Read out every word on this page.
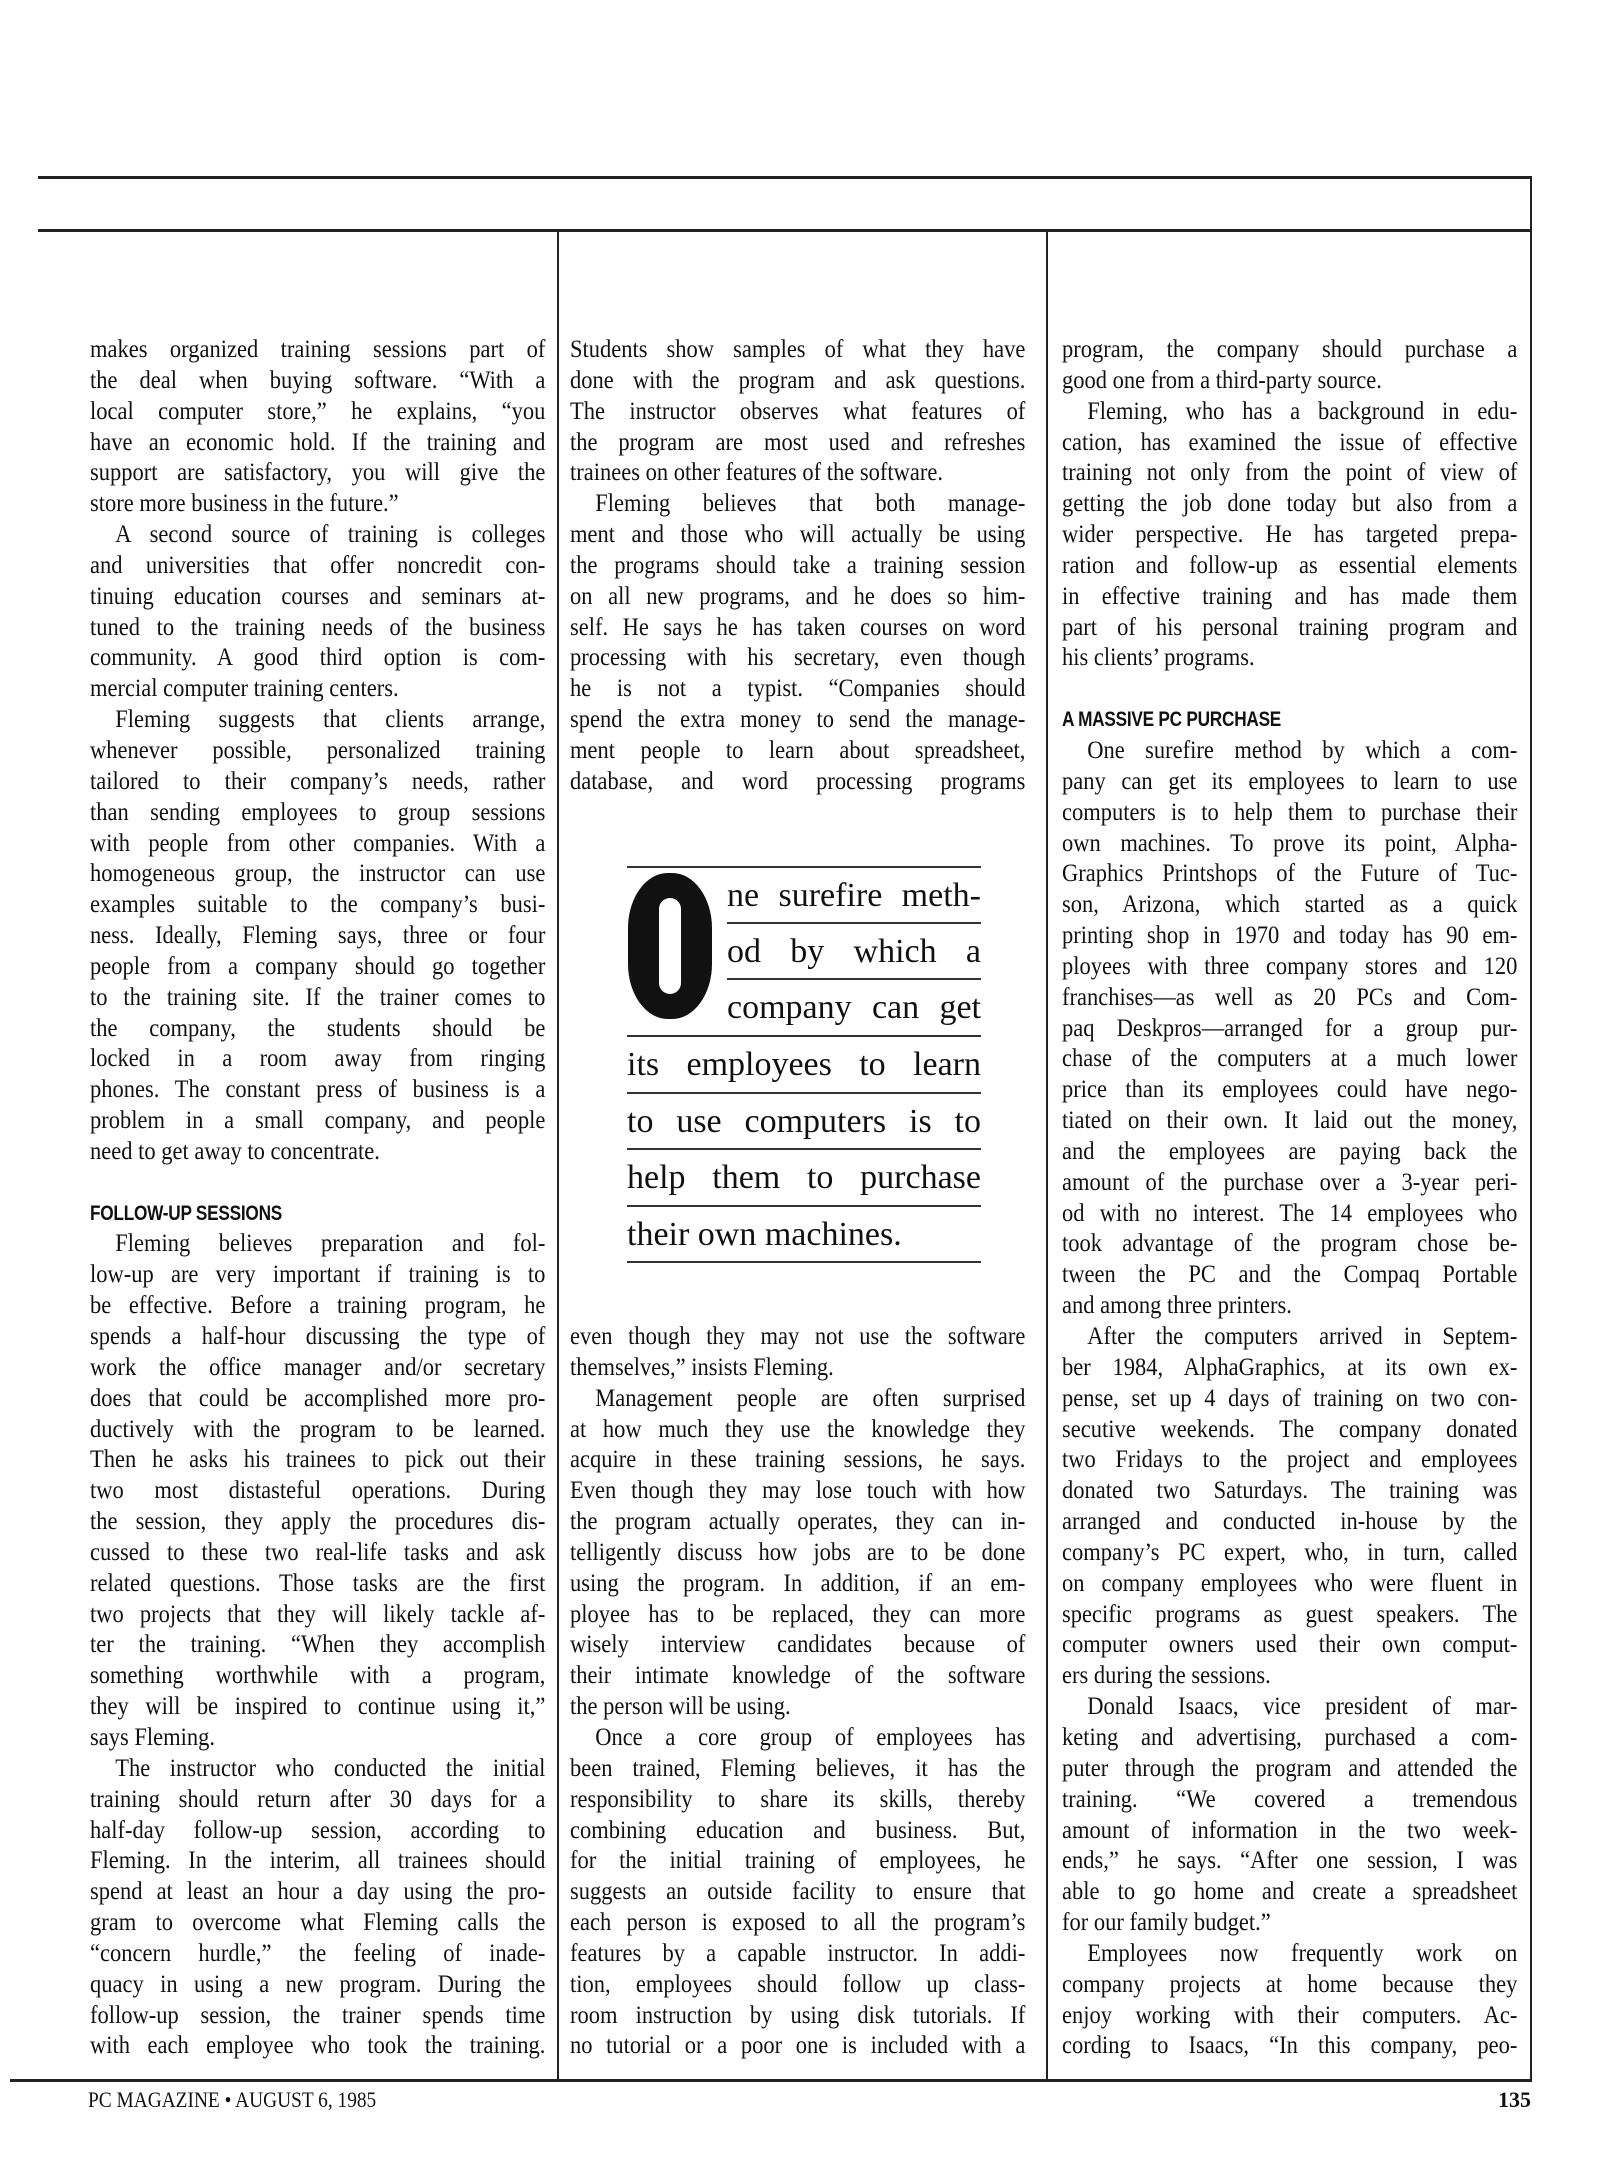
makes organized training sessions part of
the deal when buying software. “With a
local computer store,” he explains, “you
have an economic hold. If the training and
support are satisfactory, you will give the
store more business in the future.”
A second source of training is colleges
and universities that offer noncredit con-
tinuing education courses and seminars at-
tuned to the training needs of the business
community. A good third option is com-
mercial computer training centers.
Fleming suggests that clients arrange,
whenever possible, personalized training
tailored to their company’s needs, rather
than sending employees to group sessions
with people from other companies. With a
homogeneous group, the instructor can use
examples suitable to the company’s busi-
ness. Ideally, Fleming says, three or four
people from a company should go together
to the training site. If the trainer comes to
the company, the students should be
locked in a room away from ringing
phones. The constant press of business is a
problem in a small company, and people
need to get away to concentrate.
FOLLOW-UP SESSIONS
Fleming believes preparation and fol-
low-up are very important if training is to
be effective. Before a training program, he
spends a half-hour discussing the type of
work the office manager and/or secretary
does that could be accomplished more pro-
ductively with the program to be learned.
Then he asks his trainees to pick out their
two most distasteful operations. During
the session, they apply the procedures dis-
cussed to these two real-life tasks and ask
related questions. Those tasks are the first
two projects that they will likely tackle af-
ter the training. “When they accomplish
something worthwhile with a program,
they will be inspired to continue using it,”
says Fleming.
The instructor who conducted the initial
training should return after 30 days for a
half-day follow-up session, according to
Fleming. In the interim, all trainees should
spend at least an hour a day using the pro-
gram to overcome what Fleming calls the
“concern hurdle,” the feeling of inade-
quacy in using a new program. During the
follow-up session, the trainer spends time
with each employee who took the training.
Students show samples of what they have
done with the program and ask questions.
The instructor observes what features of
the program are most used and refreshes
trainees on other features of the software.
Fleming believes that both manage-
ment and those who will actually be using
the programs should take a training session
on all new programs, and he does so him-
self. He says he has taken courses on word
processing with his secretary, even though
he is not a typist. “Companies should
spend the extra money to send the manage-
ment people to learn about spreadsheet,
database, and word processing programs
even though they may not use the software
themselves,” insists Fleming.
Management people are often surprised
at how much they use the knowledge they
acquire in these training sessions, he says.
Even though they may lose touch with how
the program actually operates, they can in-
telligently discuss how jobs are to be done
using the program. In addition, if an em-
ployee has to be replaced, they can more
wisely interview candidates because of
their intimate knowledge of the software
the person will be using.
Once a core group of employees has
been trained, Fleming believes, it has the
responsibility to share its skills, thereby
combining education and business. But,
for the initial training of employees, he
suggests an outside facility to ensure that
each person is exposed to all the program’s
features by a capable instructor. In addi-
tion, employees should follow up class-
room instruction by using disk tutorials. If
no tutorial or a poor one is included with a
program, the company should purchase a
good one from a third-party source.
Fleming, who has a background in edu-
cation, has examined the issue of effective
training not only from the point of view of
getting the job done today but also from a
wider perspective. He has targeted prepa-
ration and follow-up as essential elements
in effective training and has made them
part of his personal training program and
his clients’ programs.
A MASSIVE PC PURCHASE
One surefire method by which a com-
pany can get its employees to learn to use
computers is to help them to purchase their
own machines. To prove its point, Alpha-
Graphics Printshops of the Future of Tuc-
son, Arizona, which started as a quick
printing shop in 1970 and today has 90 em-
ployees with three company stores and 120
franchises—as well as 20 PCs and Com-
paq Deskpros—arranged for a group pur-
chase of the computers at a much lower
price than its employees could have nego-
tiated on their own. It laid out the money,
and the employees are paying back the
amount of the purchase over a 3-year peri-
od with no interest. The 14 employees who
took advantage of the program chose be-
tween the PC and the Compaq Portable
and among three printers.
After the computers arrived in Septem-
ber 1984, AlphaGraphics, at its own ex-
pense, set up 4 days of training on two con-
secutive weekends. The company donated
two Fridays to the project and employees
donated two Saturdays. The training was
arranged and conducted in-house by the
company’s PC expert, who, in turn, called
on company employees who were fluent in
specific programs as guest speakers. The
computer owners used their own comput-
ers during the sessions.
Donald Isaacs, vice president of mar-
keting and advertising, purchased a com-
puter through the program and attended the
training. “We covered a tremendous
amount of information in the two week-
ends,” he says. “After one session, I was
able to go home and create a spreadsheet
for our family budget.”
Employees now frequently work on
company projects at home because they
enjoy working with their computers. Ac-
cording to Isaacs, “In this company, peo-
ne surefire meth-
od by which a
company can get
its employees to learn
to use computers is to
help them to purchase
their own machines.
PC MAGAZINE • AUGUST 6, 1985	135
